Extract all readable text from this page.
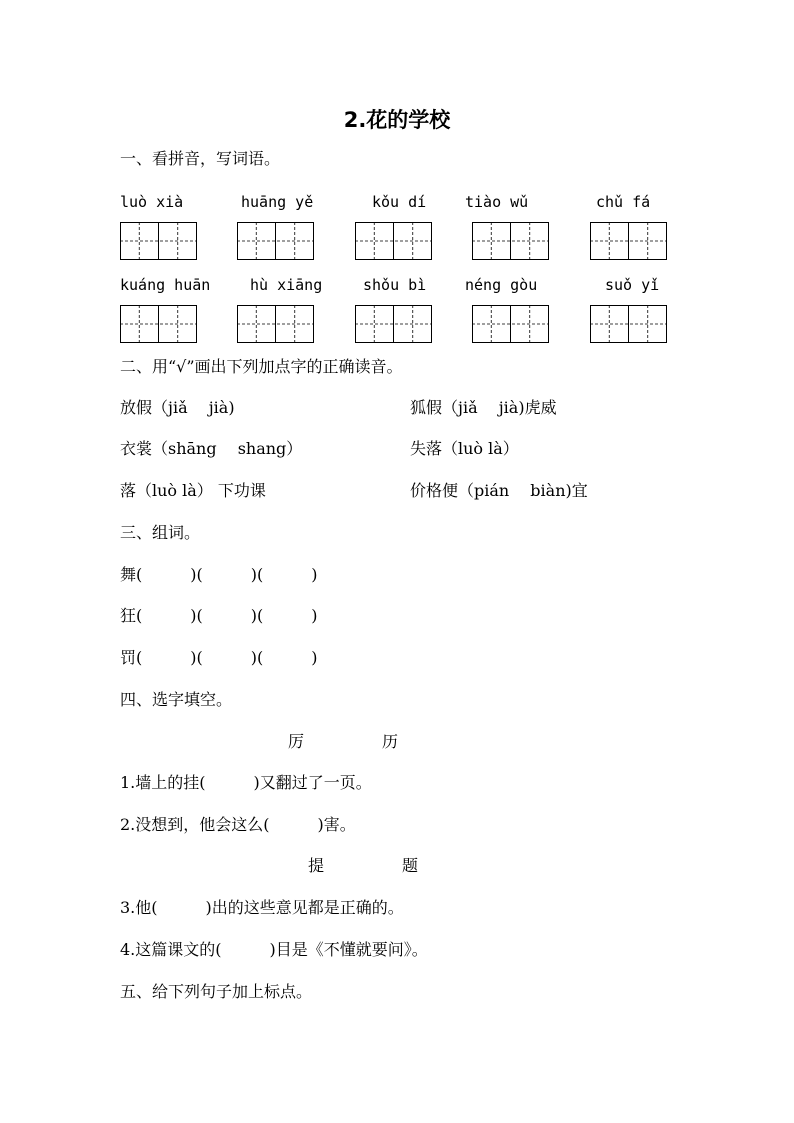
2.花的学校
一、看拼音，写词语。
luò xià	huāng yě	kǒu dí	tiào wǔ	chǔ fá
kuáng huān	hù xiāng	shǒu bì	néng gòu	suǒ yǐ
二、用“√”画出下列加点字的正确读音。
放假（jiǎ　 jià)	狐假（jiǎ　 jià)虎威
衣裳（shāng　 shang）	失落（luò là）
落（luò là） 下功课	价格便（pián　 biàn)宜
三、组词。
舞(　　　)(　　　)(　　　)
狂(　　　)(　　　)(　　　)
罚(　　　)(　　　)(　　　)
四、选字填空。
厉	历
1.墙上的挂(　　　)又翻过了一页。
2.没想到，他会这么(　　　)害。
提	题
3.他(　　　)出的这些意见都是正确的。
4.这篇课文的(　　　)目是《不懂就要问》。
五、给下列句子加上标点。
